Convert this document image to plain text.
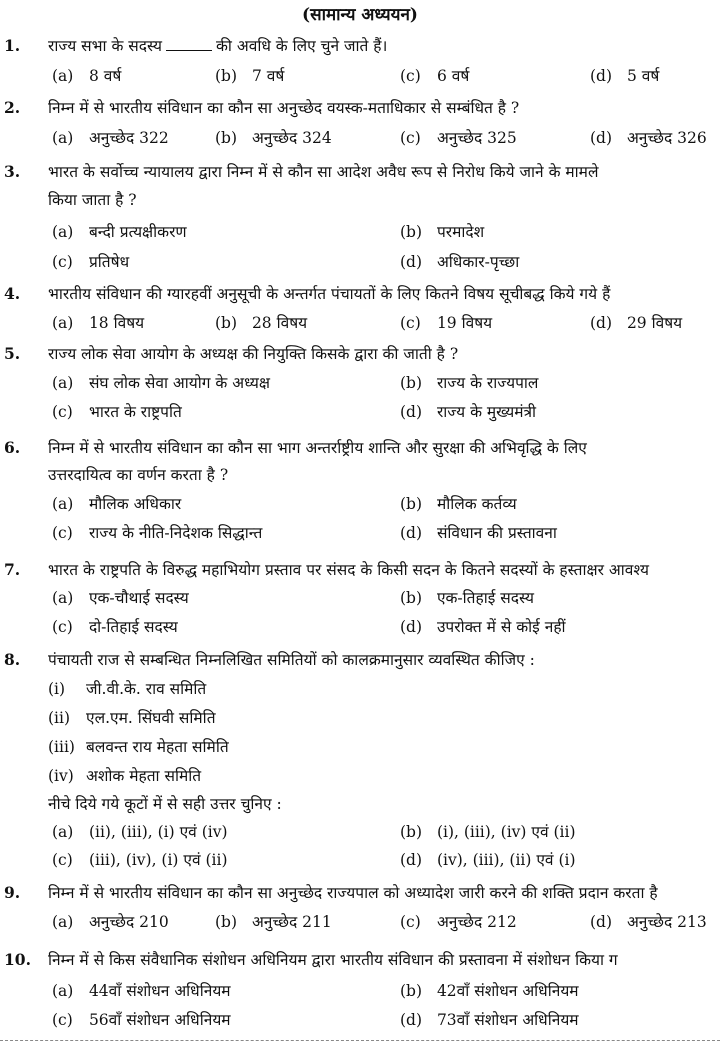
(सामान्य अध्ययन)
1. राज्य सभा के सदस्य	की अवधि के लिए चुने जाते हैं।
(a) 8 वर्ष	(b) 7 वर्ष	(c) 6 वर्ष	(d) 5 वर्ष
2. निम्न में से भारतीय संविधान का कौन सा अनुच्छेद वयस्क-मताधिकार से सम्बंधित है ?
(a) अनुच्छेद 322	(b) अनुच्छेद 324	(c) अनुच्छेद 325	(d) अनुच्छेद 326
3. भारत के सर्वोच्च न्यायालय द्वारा निम्न में से कौन सा आदेश अवैध रूप से निरोध किये जाने के मामले
किया जाता है ?
(a) बन्दी प्रत्यक्षीकरण	(b) परमादेश
(c) प्रतिषेध	(d) अधिकार-पृच्छा
4. भारतीय संविधान की ग्यारहवीं अनुसूची के अन्तर्गत पंचायतों के लिए कितने विषय सूचीबद्ध किये गये हैं
(a) 18 विषय	(b) 28 विषय	(c) 19 विषय	(d) 29 विषय
5. राज्य लोक सेवा आयोग के अध्यक्ष की नियुक्ति किसके द्वारा की जाती है ?
(a) संघ लोक सेवा आयोग के अध्यक्ष	(b) राज्य के राज्यपाल
(c) भारत के राष्ट्रपति	(d) राज्य के मुख्यमंत्री
6. निम्न में से भारतीय संविधान का कौन सा भाग अन्तर्राष्ट्रीय शान्ति और सुरक्षा की अभिवृद्धि के लिए
उत्तरदायित्व का वर्णन करता है ?
(a) मौलिक अधिकार	(b) मौलिक कर्तव्य
(c) राज्य के नीति-निदेशक सिद्धान्त	(d) संविधान की प्रस्तावना
7. भारत के राष्ट्रपति के विरुद्ध महाभियोग प्रस्ताव पर संसद के किसी सदन के कितने सदस्यों के हस्ताक्षर आवश्य
(a) एक-चौथाई सदस्य	(b) एक-तिहाई सदस्य
(c) दो-तिहाई सदस्य	(d) उपरोक्त में से कोई नहीं
8. पंचायती राज से सम्बन्धित निम्नलिखित समितियों को कालक्रमानुसार व्यवस्थित कीजिए :
(i) जी.वी.के. राव समिति
(ii) एल.एम. सिंघवी समिति
(iii) बलवन्त राय मेहता समिति
(iv) अशोक मेहता समिति
नीचे दिये गये कूटों में से सही उत्तर चुनिए :
(a) (ii), (iii), (i) एवं (iv)	(b) (i), (iii), (iv) एवं (ii)
(c) (iii), (iv), (i) एवं (ii)	(d) (iv), (iii), (ii) एवं (i)
9. निम्न में से भारतीय संविधान का कौन सा अनुच्छेद राज्यपाल को अध्यादेश जारी करने की शक्ति प्रदान करता है
(a) अनुच्छेद 210	(b) अनुच्छेद 211	(c) अनुच्छेद 212	(d) अनुच्छेद 213
10. निम्न में से किस संवैधानिक संशोधन अधिनियम द्वारा भारतीय संविधान की प्रस्तावना में संशोधन किया ग
(a) 44वाँ संशोधन अधिनियम	(b) 42वाँ संशोधन अधिनियम
(c) 56वाँ संशोधन अधिनियम	(d) 73वाँ संशोधन अधिनियम
